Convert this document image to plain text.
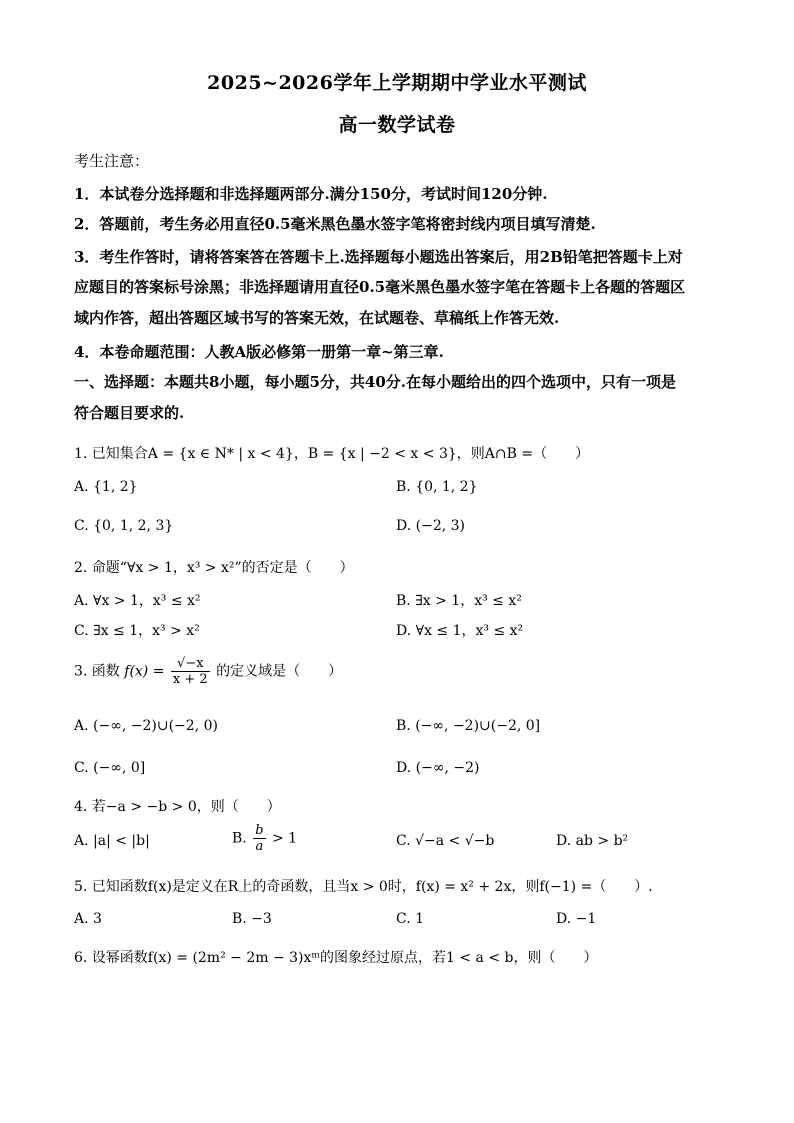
2025~2026学年上学期期中学业水平测试
高一数学试卷
考生注意：
1．本试卷分选择题和非选择题两部分.满分150分，考试时间120分钟.
2．答题前，考生务必用直径0.5毫米黑色墨水签字笔将密封线内项目填写清楚.
3．考生作答时，请将答案答在答题卡上.选择题每小题选出答案后，用2B铅笔把答题卡上对
应题目的答案标号涂黑；非选择题请用直径0.5毫米黑色墨水签字笔在答题卡上各题的答题区
域内作答，超出答题区域书写的答案无效，在试题卷、草稿纸上作答无效.
4．本卷命题范围：人教A版必修第一册第一章~第三章.
一、选择题：本题共8小题，每小题5分，共40分.在每小题给出的四个选项中，只有一项是
符合题目要求的.
1. 已知集合A = {x ∈ N* | x < 4}，B = {x | −2 < x < 3}，则A∩B =（　　）
A. {1, 2}	B. {0, 1, 2}
C. {0, 1, 2, 3}	D. (−2, 3)
2. 命题“∀x > 1，x³ > x²”的否定是（　　）
A. ∀x > 1，x³ ≤ x²	B. ∃x > 1，x³ ≤ x²
C. ∃x ≤ 1，x³ > x²	D. ∀x ≤ 1，x³ ≤ x²
3. 函数 $f(x) = \frac{√-x}{x + 2}$ 的定义域是（　　）
A. (−∞, −2)∪(−2, 0)	B. (−∞, −2)∪(−2, 0]
C. (−∞, 0]	D. (−∞, −2)
4. 若−a > −b > 0，则（　　）
A. |a| < |b|	B. $\frac{b}{a} > 1$	C. √−a < √−b	D. ab > b²
5. 已知函数f(x)是定义在R上的奇函数，且当x > 0时，f(x) = x² + 2x，则f(−1) =（　　）.
A. 3	B. −3	C. 1	D. −1
6. 设幂函数f(x) = (2m² − 2m − 3)xᵐ的图象经过原点，若1 < a < b，则（　　）
